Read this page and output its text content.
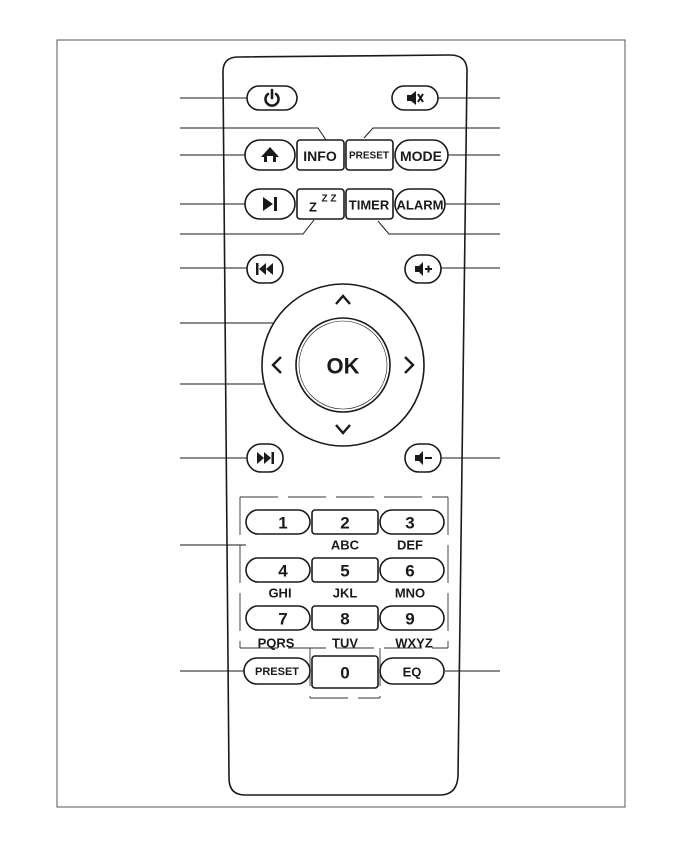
INFO PRESET MODE
Z
Z Z TIMER ALARM
OK
1	2	3
ABC	DEF
4	5	6
GHI	JKL	MNO
7	8	9
PQRS	TUV	WXYZ
PRESET 0	EQ
